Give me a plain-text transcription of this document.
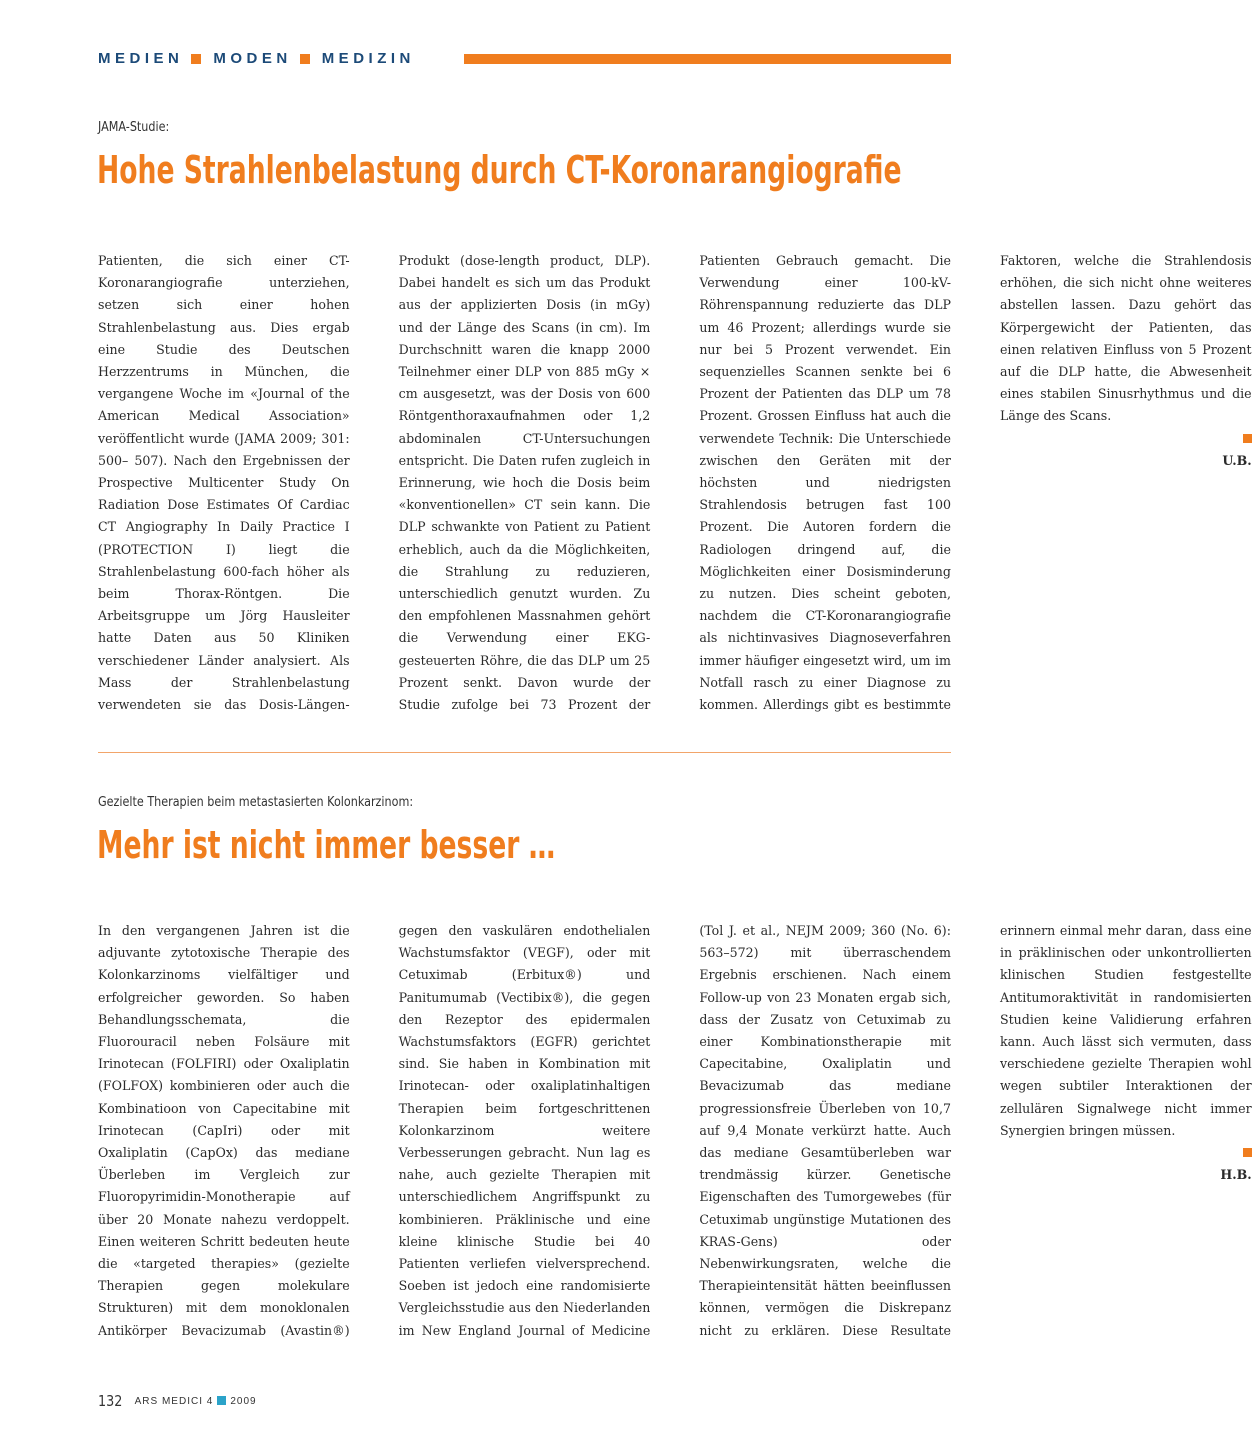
MEDIEN MODEN MEDIZIN
JAMA-Studie:
Hohe Strahlenbelastung durch CT-Koronarangiografie

Patienten, die sich einer CT-Koronarangiografie unterziehen, setzen sich einer hohen Strahlenbelastung aus. Dies ergab eine Studie des Deutschen Herzzentrums in München, die vergangene Woche im «Journal of the American Medical Association» veröffentlicht wurde (JAMA 2009; 301: 500– 507). Nach den Ergebnissen der Prospective Multicenter Study On Radiation Dose Estimates Of Cardiac CT Angiography In Daily Practice I (PROTECTION I) liegt die Strahlenbelastung 600-fach höher als beim Thorax-Röntgen. Die Arbeitsgruppe um Jörg Hausleiter hatte Daten aus 50 Kliniken verschiedener Länder analysiert. Als Mass der Strahlenbelastung verwendeten sie das Dosis-Längen-Produkt (dose-length product, DLP). Dabei handelt es sich um das Produkt aus der applizierten Dosis (in mGy) und der Länge des Scans (in cm). Im Durchschnitt waren die knapp 2000 Teilnehmer einer DLP von 885 mGy × cm ausgesetzt, was der Dosis von 600 Röntgenthoraxaufnahmen oder 1,2 abdominalen CT-Untersuchungen entspricht. Die Daten rufen zugleich in Erinnerung, wie hoch die Dosis beim «konventionellen» CT sein kann. Die DLP schwankte von Patient zu Patient erheblich, auch da die Möglichkeiten, die Strahlung zu reduzieren, unterschiedlich genutzt wurden. Zu den empfohlenen Massnahmen gehört die Verwendung einer EKG-gesteuerten Röhre, die das DLP um 25 Prozent senkt. Davon wurde der Studie zufolge bei 73 Prozent der Patienten Gebrauch gemacht. Die Verwendung einer 100-kV-Röhrenspannung reduzierte das DLP um 46 Prozent; allerdings wurde sie nur bei 5 Prozent verwendet. Ein sequenzielles Scannen senkte bei 6 Prozent der Patienten das DLP um 78 Prozent. Grossen Einfluss hat auch die verwendete Technik: Die Unterschiede zwischen den Geräten mit der höchsten und niedrigsten Strahlendosis betrugen fast 100 Prozent. Die Autoren fordern die Radiologen dringend auf, die Möglichkeiten einer Dosisminderung zu nutzen. Dies scheint geboten, nachdem die CT-Koronarangiografie als nichtinvasives Diagnoseverfahren immer häufiger eingesetzt wird, um im Notfall rasch zu einer Diagnose zu kommen. Allerdings gibt es bestimmte Faktoren, welche die Strahlendosis erhöhen, die sich nicht ohne weiteres abstellen lassen. Dazu gehört das Körpergewicht der Patienten, das einen relativen Einfluss von 5 Prozent auf die DLP hatte, die Abwesenheit eines stabilen Sinusrhythmus und die Länge des Scans.

U.B.

Gezielte Therapien beim metastasierten Kolonkarzinom:
Mehr ist nicht immer besser …

In den vergangenen Jahren ist die adjuvante zytotoxische Therapie des Kolonkarzinoms vielfältiger und erfolgreicher geworden. So haben Behandlungsschemata, die Fluorouracil neben Folsäure mit Irinotecan (FOLFIRI) oder Oxaliplatin (FOLFOX) kombinieren oder auch die Kombinatioon von Capecitabine mit Irinotecan (CapIri) oder mit Oxaliplatin (CapOx) das mediane Überleben im Vergleich zur Fluoropyrimidin-Monotherapie auf über 20 Monate nahezu verdoppelt. Einen weiteren Schritt bedeuten heute die «targeted therapies» (gezielte Therapien gegen molekulare Strukturen) mit dem monoklonalen Antikörper Bevacizumab (Avastin®) gegen den vaskulären endothelialen Wachstumsfaktor (VEGF), oder mit Cetuximab (Erbitux®) und Panitumumab (Vectibix®), die gegen den Rezeptor des epidermalen Wachstumsfaktors (EGFR) gerichtet sind. Sie haben in Kombination mit Irinotecan- oder oxaliplatinhaltigen Therapien beim fortgeschrittenen Kolonkarzinom weitere Verbesserungen gebracht. Nun lag es nahe, auch gezielte Therapien mit unterschiedlichem Angriffspunkt zu kombinieren. Präklinische und eine kleine klinische Studie bei 40 Patienten verliefen vielversprechend. Soeben ist jedoch eine randomisierte Vergleichsstudie aus den Niederlanden im New England Journal of Medicine (Tol J. et al., NEJM 2009; 360 (No. 6): 563–572) mit überraschendem Ergebnis erschienen. Nach einem Follow-up von 23 Monaten ergab sich, dass der Zusatz von Cetuximab zu einer Kombinationstherapie mit Capecitabine, Oxaliplatin und Bevacizumab das mediane progressionsfreie Überleben von 10,7 auf 9,4 Monate verkürzt hatte. Auch das mediane Gesamtüberleben war trendmässig kürzer. Genetische Eigenschaften des Tumorgewebes (für Cetuximab ungünstige Mutationen des KRAS-Gens) oder Nebenwirkungsraten, welche die Therapieintensität hätten beeinflussen können, vermögen die Diskrepanz nicht zu erklären. Diese Resultate erinnern einmal mehr daran, dass eine in präklinischen oder unkontrollierten klinischen Studien festgestellte Antitumoraktivität in randomisierten Studien keine Validierung erfahren kann. Auch lässt sich vermuten, dass verschiedene gezielte Therapien wohl wegen subtiler Interaktionen der zellulären Signalwege nicht immer Synergien bringen müssen.

H.B.

132 ARS MEDICI 4 2009
